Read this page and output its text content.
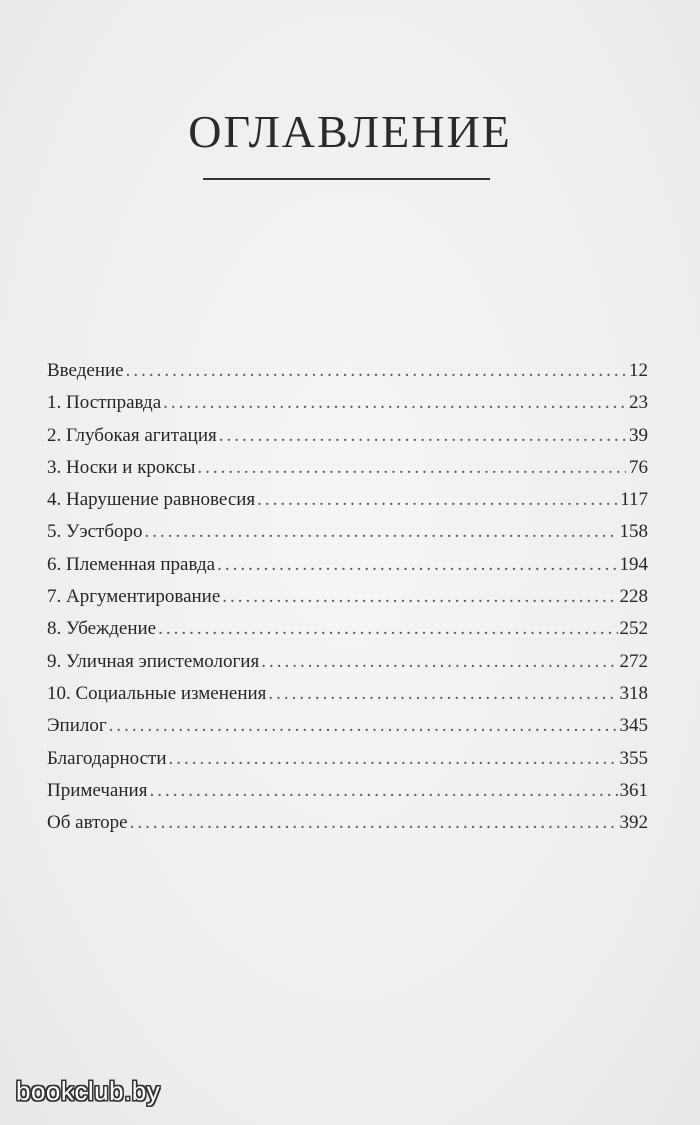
ОГЛАВЛЕНИЕ
Введение .....	12
1. Постправда .....	23
2. Глубокая агитация .....	39
3. Носки и кроксы .....	76
4. Нарушение равновесия .....	117
5. Уэстборо .....	158
6. Племенная правда .....	194
7. Аргументирование .....	228
8. Убеждение .....	252
9. Уличная эпистемология .....	272
10. Социальные изменения .....	318
Эпилог .....	345
Благодарности .....	355
Примечания .....	361
Об авторе .....	392
bookclub.by
